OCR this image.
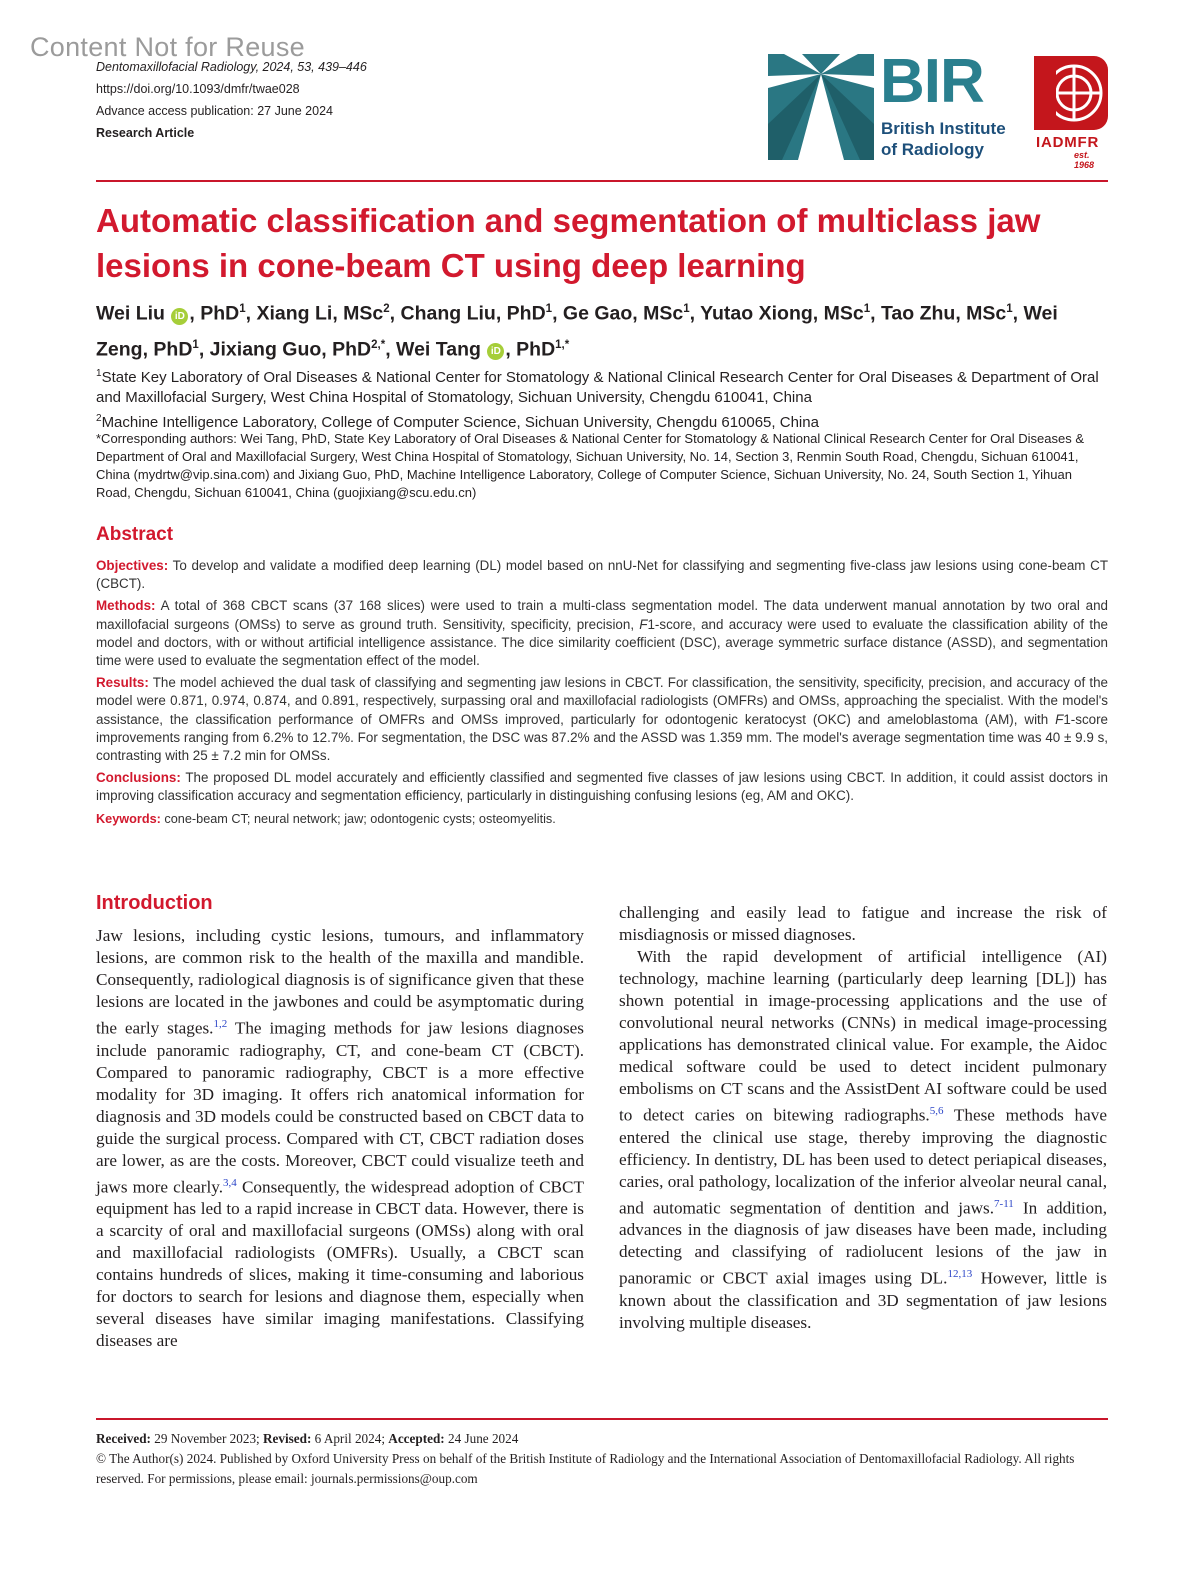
Content Not for Reuse
Dentomaxillofacial Radiology, 2024, 53, 439–446
https://doi.org/10.1093/dmfr/twae028
Advance access publication: 27 June 2024
Research Article
BIR
British Institute
of Radiology	IADMFR
est. 1968
Automatic classification and segmentation of multiclass jaw lesions in cone-beam CT using deep learning
Wei Liu iD , PhD$^1$, Xiang Li, MSc$^2$, Chang Liu, PhD$^1$, Ge Gao, MSc$^1$, Yutao Xiong, MSc$^1$, Tao Zhu, MSc$^1$, Wei Zeng, PhD$^1$, Jixiang Guo, PhD$^{2,*}$, Wei Tang iD , PhD$^{1,*}$
$^1$State Key Laboratory of Oral Diseases & National Center for Stomatology & National Clinical Research Center for Oral Diseases & Department of Oral and Maxillofacial Surgery, West China Hospital of Stomatology, Sichuan University, Chengdu 610041, China
$^2$Machine Intelligence Laboratory, College of Computer Science, Sichuan University, Chengdu 610065, China
*Corresponding authors: Wei Tang, PhD, State Key Laboratory of Oral Diseases & National Center for Stomatology & National Clinical Research Center for Oral Diseases & Department of Oral and Maxillofacial Surgery, West China Hospital of Stomatology, Sichuan University, No. 14, Section 3, Renmin South Road, Chengdu, Sichuan 610041, China (mydrtw@vip.sina.com) and Jixiang Guo, PhD, Machine Intelligence Laboratory, College of Computer Science, Sichuan University, No. 24, South Section 1, Yihuan Road, Chengdu, Sichuan 610041, China (guojixiang@scu.edu.cn)
Abstract

Objectives: To develop and validate a modified deep learning (DL) model based on nnU-Net for classifying and segmenting five-class jaw lesions using cone-beam CT (CBCT).

Methods: A total of 368 CBCT scans (37 168 slices) were used to train a multi-class segmentation model. The data underwent manual annotation by two oral and maxillofacial surgeons (OMSs) to serve as ground truth. Sensitivity, specificity, precision, F1-score, and accuracy were used to evaluate the classification ability of the model and doctors, with or without artificial intelligence assistance. The dice similarity coefficient (DSC), average symmetric surface distance (ASSD), and segmentation time were used to evaluate the segmentation effect of the model.

Results: The model achieved the dual task of classifying and segmenting jaw lesions in CBCT. For classification, the sensitivity, specificity, precision, and accuracy of the model were 0.871, 0.974, 0.874, and 0.891, respectively, surpassing oral and maxillofacial radiologists (OMFRs) and OMSs, approaching the specialist. With the model's assistance, the classification performance of OMFRs and OMSs improved, particularly for odontogenic keratocyst (OKC) and ameloblastoma (AM), with F1-score improvements ranging from 6.2% to 12.7%. For segmentation, the DSC was 87.2% and the ASSD was 1.359 mm. The model's average segmentation time was 40 ± 9.9 s, contrasting with 25 ± 7.2 min for OMSs.

Conclusions: The proposed DL model accurately and efficiently classified and segmented five classes of jaw lesions using CBCT. In addition, it could assist doctors in improving classification accuracy and segmentation efficiency, particularly in distinguishing confusing lesions (eg, AM and OKC).

Keywords: cone-beam CT; neural network; jaw; odontogenic cysts; osteomyelitis.

Introduction

Jaw lesions, including cystic lesions, tumours, and inflammatory lesions, are common risk to the health of the maxilla and mandible. Consequently, radiological diagnosis is of significance given that these lesions are located in the jawbones and could be asymptomatic during the early stages.$^{1,2}$ The imaging methods for jaw lesions diagnoses include panoramic radiography, CT, and cone-beam CT (CBCT). Compared to panoramic radiography, CBCT is a more effective modality for 3D imaging. It offers rich anatomical information for diagnosis and 3D models could be constructed based on CBCT data to guide the surgical process. Compared with CT, CBCT radiation doses are lower, as are the costs. Moreover, CBCT could visualize teeth and jaws more clearly.$^{3,4}$ Consequently, the widespread adoption of CBCT equipment has led to a rapid increase in CBCT data. However, there is a scarcity of oral and maxillofacial surgeons (OMSs) along with oral and maxillofacial radiologists (OMFRs). Usually, a CBCT scan contains hundreds of slices, making it time-consuming and laborious for doctors to search for lesions and diagnose them, especially when several diseases have similar imaging manifestations. Classifying diseases are

challenging and easily lead to fatigue and increase the risk of misdiagnosis or missed diagnoses.

With the rapid development of artificial intelligence (AI) technology, machine learning (particularly deep learning [DL]) has shown potential in image-processing applications and the use of convolutional neural networks (CNNs) in medical image-processing applications has demonstrated clinical value. For example, the Aidoc medical software could be used to detect incident pulmonary embolisms on CT scans and the AssistDent AI software could be used to detect caries on bitewing radiographs.$^{5,6}$ These methods have entered the clinical use stage, thereby improving the diagnostic efficiency. In dentistry, DL has been used to detect periapical diseases, caries, oral pathology, localization of the inferior alveolar neural canal, and automatic segmentation of dentition and jaws.$^{7-11}$ In addition, advances in the diagnosis of jaw diseases have been made, including detecting and classifying of radiolucent lesions of the jaw in panoramic or CBCT axial images using DL.$^{12,13}$ However, little is known about the classification and 3D segmentation of jaw lesions involving multiple diseases.

Received: 29 November 2023; Revised: 6 April 2024; Accepted: 24 June 2024
© The Author(s) 2024. Published by Oxford University Press on behalf of the British Institute of Radiology and the International Association of Dentomaxillofacial Radiology. All rights reserved. For permissions, please email: journals.permissions@oup.com
